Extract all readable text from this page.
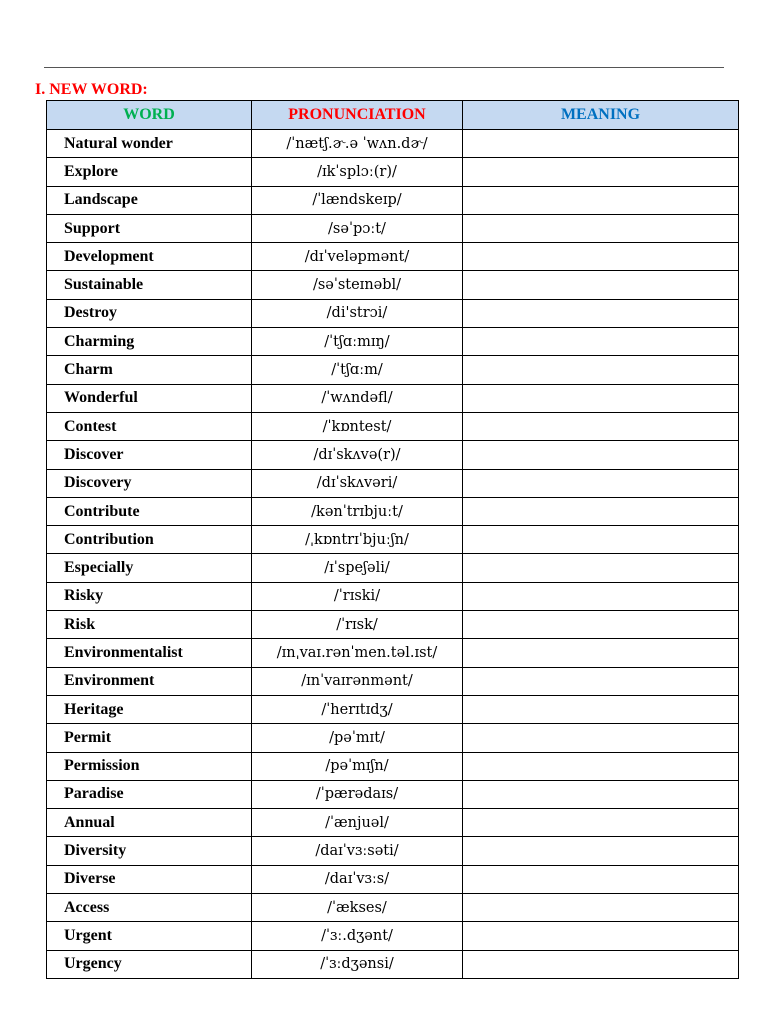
I. NEW WORD:
WORD	PRONUNCIATION	MEANING
Natural wonder	/ˈnætʃ.ɚ.ə ˈwʌn.dɚ/	
Explore	/ɪkˈsplɔː(r)/	
Landscape	/ˈlændskeɪp/	
Support	/səˈpɔːt/	
Development	/dɪˈveləpmənt/	
Sustainable	/səˈsteɪnəbl/	
Destroy	/di'strɔi/	
Charming	/ˈtʃɑːmɪŋ/	
Charm	/ˈtʃɑːm/	
Wonderful	/ˈwʌndəfl/	
Contest	/ˈkɒntest/	
Discover	/dɪˈskʌvə(r)/	
Discovery	/dɪˈskʌvəri/	
Contribute	/kənˈtrɪbjuːt/	
Contribution	/ˌkɒntrɪˈbjuːʃn/	
Especially	/ɪˈspeʃəli/	
Risky	/ˈrɪski/	
Risk	/ˈrɪsk/	
Environmentalist	/ɪnˌvaɪ.rənˈmen.təl.ɪst/	
Environment	/ɪnˈvaɪrənmənt/	
Heritage	/ˈherɪtɪdʒ/	
Permit	/pəˈmɪt/	
Permission	/pəˈmɪʃn/	
Paradise	/ˈpærədaɪs/	
Annual	/ˈænjuəl/	
Diversity	/daɪˈvɜːsəti/	
Diverse	/daɪˈvɜːs/	
Access	/ˈækses/	
Urgent	/ˈɜː.dʒənt/	
Urgency	/ˈɜːdʒənsi/	
